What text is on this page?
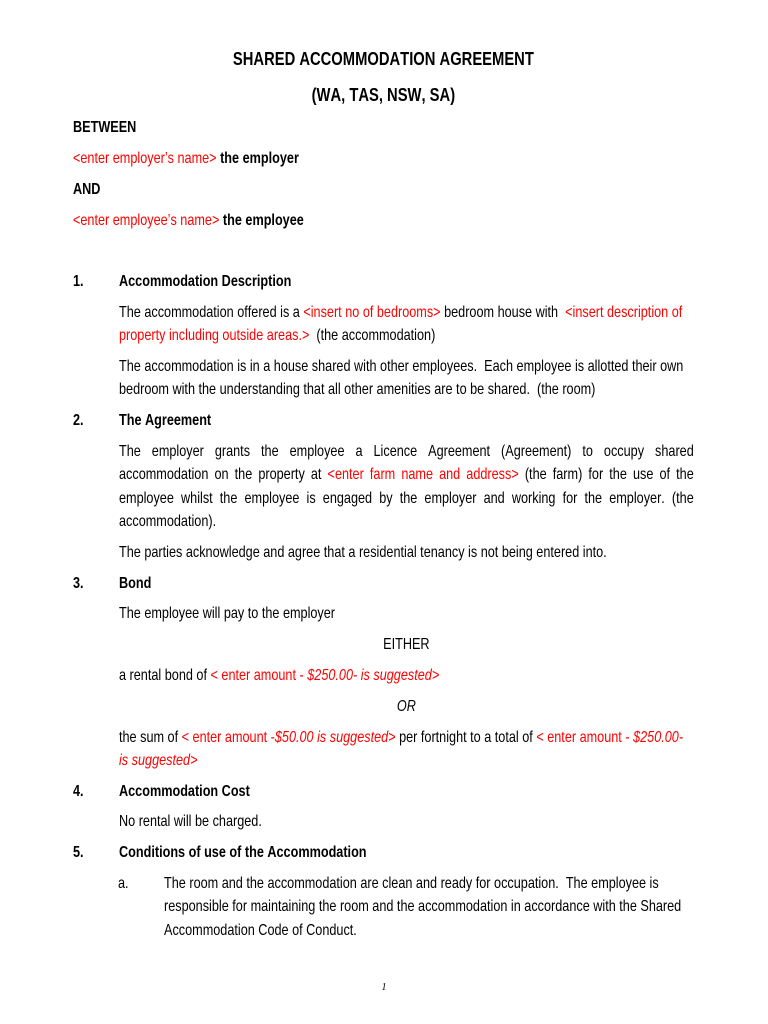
SHARED ACCOMMODATION AGREEMENT
(WA, TAS, NSW, SA)
BETWEEN
<enter employer’s name> the employer
AND
<enter employee’s name> the employee
1. Accommodation Description
The accommodation offered is a <insert no of bedrooms> bedroom house with  <insert description of
property including outside areas.>  (the accommodation)
The accommodation is in a house shared with other employees.  Each employee is allotted their own
bedroom with the understanding that all other amenities are to be shared.  (the room)
2. The Agreement
The employer grants the employee a Licence Agreement (Agreement) to occupy shared
accommodation on the property at <enter farm name and address> (the farm) for the use of the
employee whilst the employee is engaged by the employer and working for the employer. (the
accommodation).
The parties acknowledge and agree that a residential tenancy is not being entered into.
3. Bond
The employee will pay to the employer
EITHER
a rental bond of < enter amount - $250.00- is suggested>
OR
the sum of < enter amount -$50.00 is suggested> per fortnight to a total of < enter amount - $250.00-
is suggested>
4. Accommodation Cost
No rental will be charged.
5. Conditions of use of the Accommodation
a. The room and the accommodation are clean and ready for occupation.  The employee is
responsible for maintaining the room and the accommodation in accordance with the Shared
Accommodation Code of Conduct.
1
